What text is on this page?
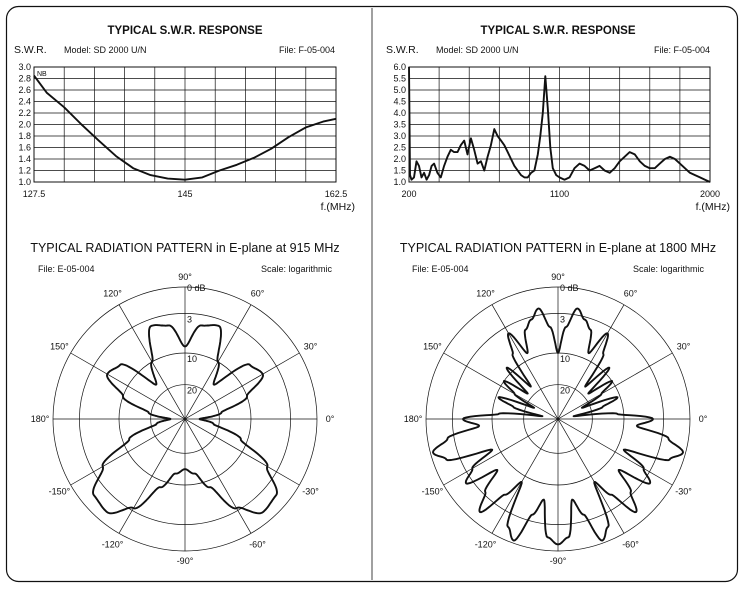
TYPICAL S.W.R. RESPONSE
S.W.R. Model: SD 2000 U/N	File: F-05-004
NB
f.(MHz)
1.0
1.2
1.4
1.6
1.8
2.0
2.2
2.4
2.6
2.8
3.0
127.5	145	162.5
TYPICAL S.W.R. RESPONSE
S.W.R. Model: SD 2000 U/N	File: F-05-004
f.(MHz)
1.0
1.5
2.0
2.5
3.0
3.5
4.0
4.5
5.0
5.5
6.0
200	1100	2000
TYPICAL RADIATION PATTERN in E-plane at 915 MHz
File: E-05-004	Scale: logarithmic
90°
60°
30°
0°
-30°
-60°
-90°
-120°
-150°
180°
150°
120°
0 dB
3
10
20
TYPICAL RADIATION PATTERN in E-plane at 1800 MHz
File: E-05-004	Scale: logarithmic
90°
60°
30°
0°
-30°
-60°
-90°
-120°
-150°
180°
150°
120°
0 dB
3
10
20
